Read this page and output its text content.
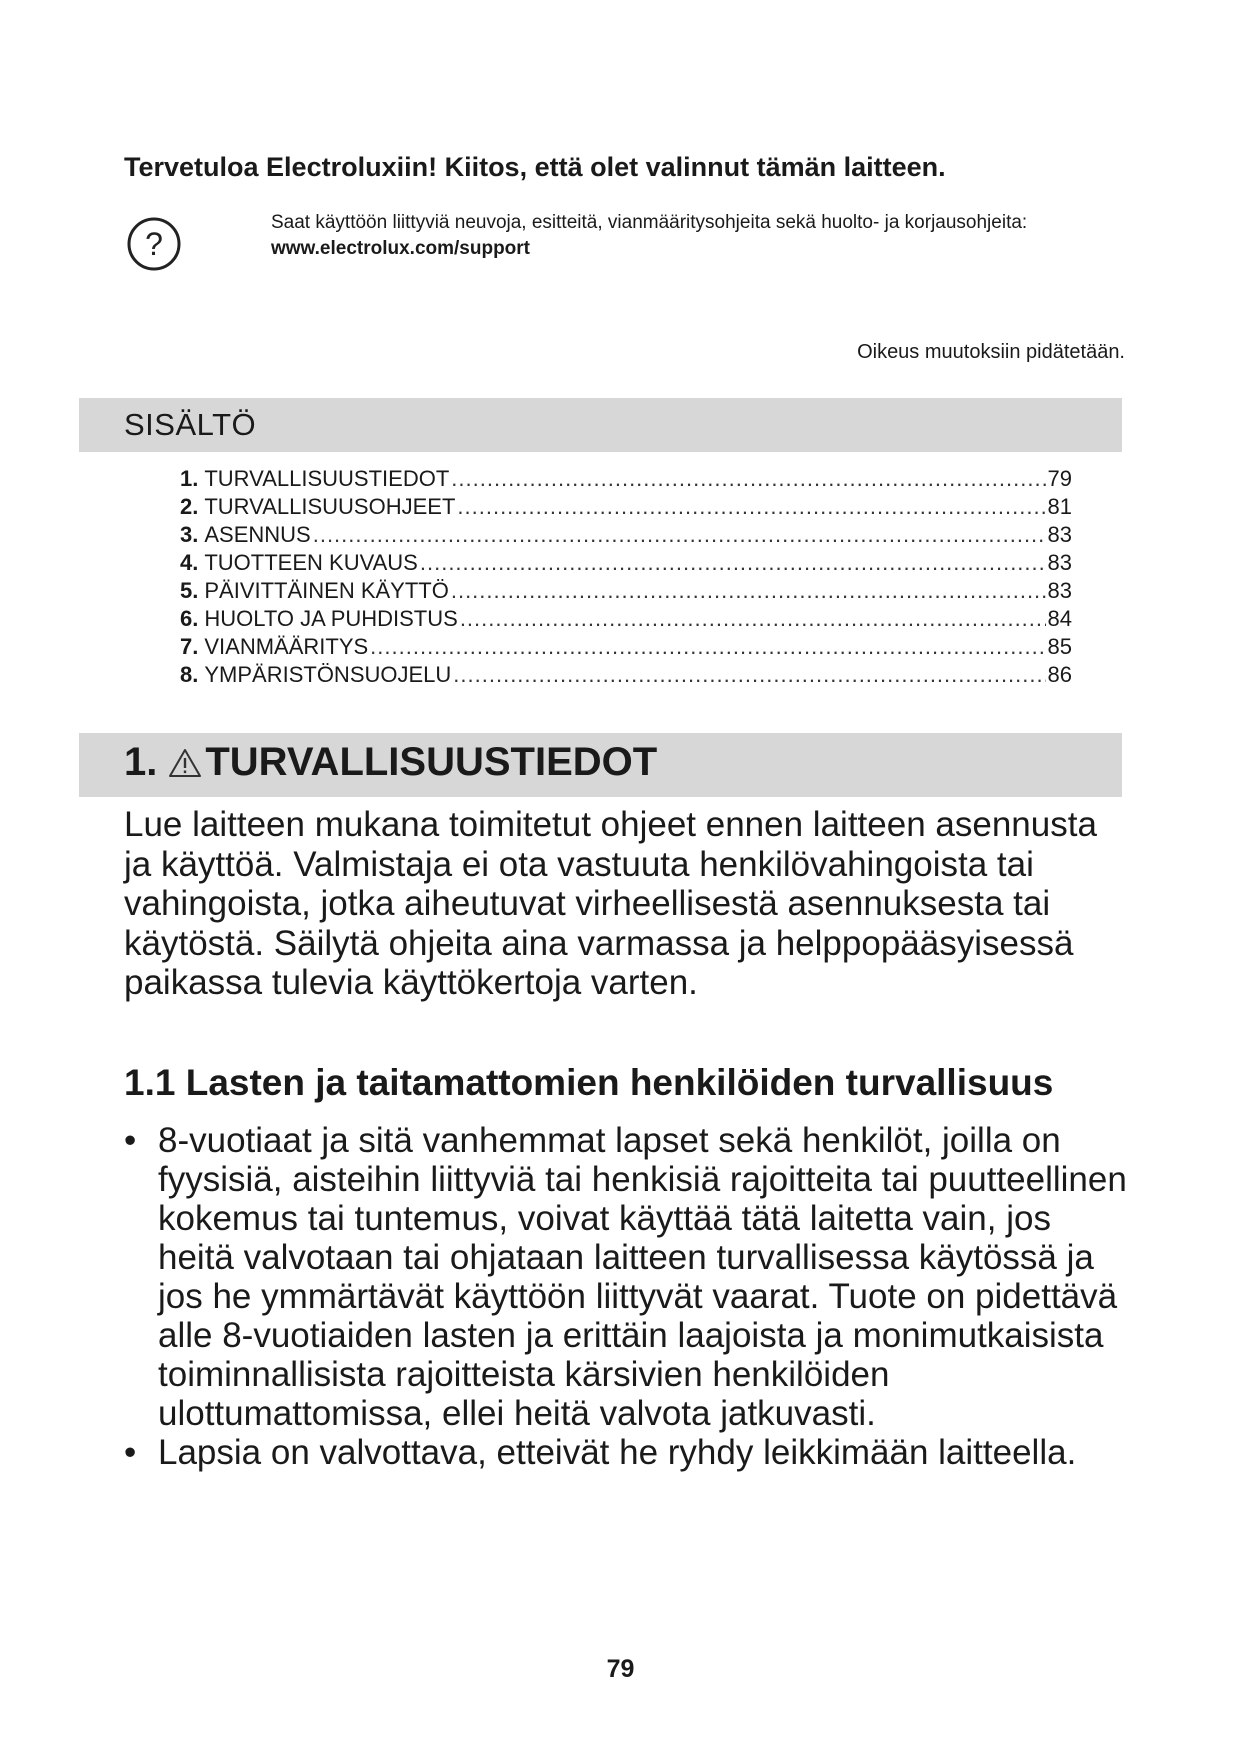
Tervetuloa Electroluxiin! Kiitos, että olet valinnut tämän laitteen.
?
Saat käyttöön liittyviä neuvoja, esitteitä, vianmääritysohjeita sekä huolto- ja korjausohjeita:
www.electrolux.com/support
Oikeus muutoksiin pidätetään.
SISÄLTÖ
1. TURVALLISUUSTIEDOT .....	79
2. TURVALLISUUSOHJEET .....	81
3. ASENNUS .....	83
4. TUOTTEEN KUVAUS .....	83
5. PÄIVITTÄINEN KÄYTTÖ .....	83
6. HUOLTO JA PUHDISTUS .....	84
7. VIANMÄÄRITYS .....	85
8. YMPÄRISTÖNSUOJELU .....	86
1. TURVALLISUUSTIEDOT

Lue laitteen mukana toimitetut ohjeet ennen laitteen asennusta ja käyttöä. Valmistaja ei ota vastuuta henkilövahingoista tai vahingoista, jotka aiheutuvat virheellisestä asennuksesta tai käytöstä. Säilytä ohjeita aina varmassa ja helppopääsyisessä paikassa tulevia käyttökertoja varten.

1.1 Lasten ja taitamattomien henkilöiden turvallisuus
• 8-vuotiaat ja sitä vanhemmat lapset sekä henkilöt, joilla on fyysisiä, aisteihin liittyviä tai henkisiä rajoitteita tai puutteellinen kokemus tai tuntemus, voivat käyttää tätä laitetta vain, jos heitä valvotaan tai ohjataan laitteen turvallisessa käytössä ja jos he ymmärtävät käyttöön liittyvät vaarat. Tuote on pidettävä alle 8-vuotiaiden lasten ja erittäin laajoista ja monimutkaisista toiminnallisista rajoitteista kärsivien henkilöiden ulottumattomissa, ellei heitä valvota jatkuvasti.
• Lapsia on valvottava, etteivät he ryhdy leikkimään laitteella.
79
